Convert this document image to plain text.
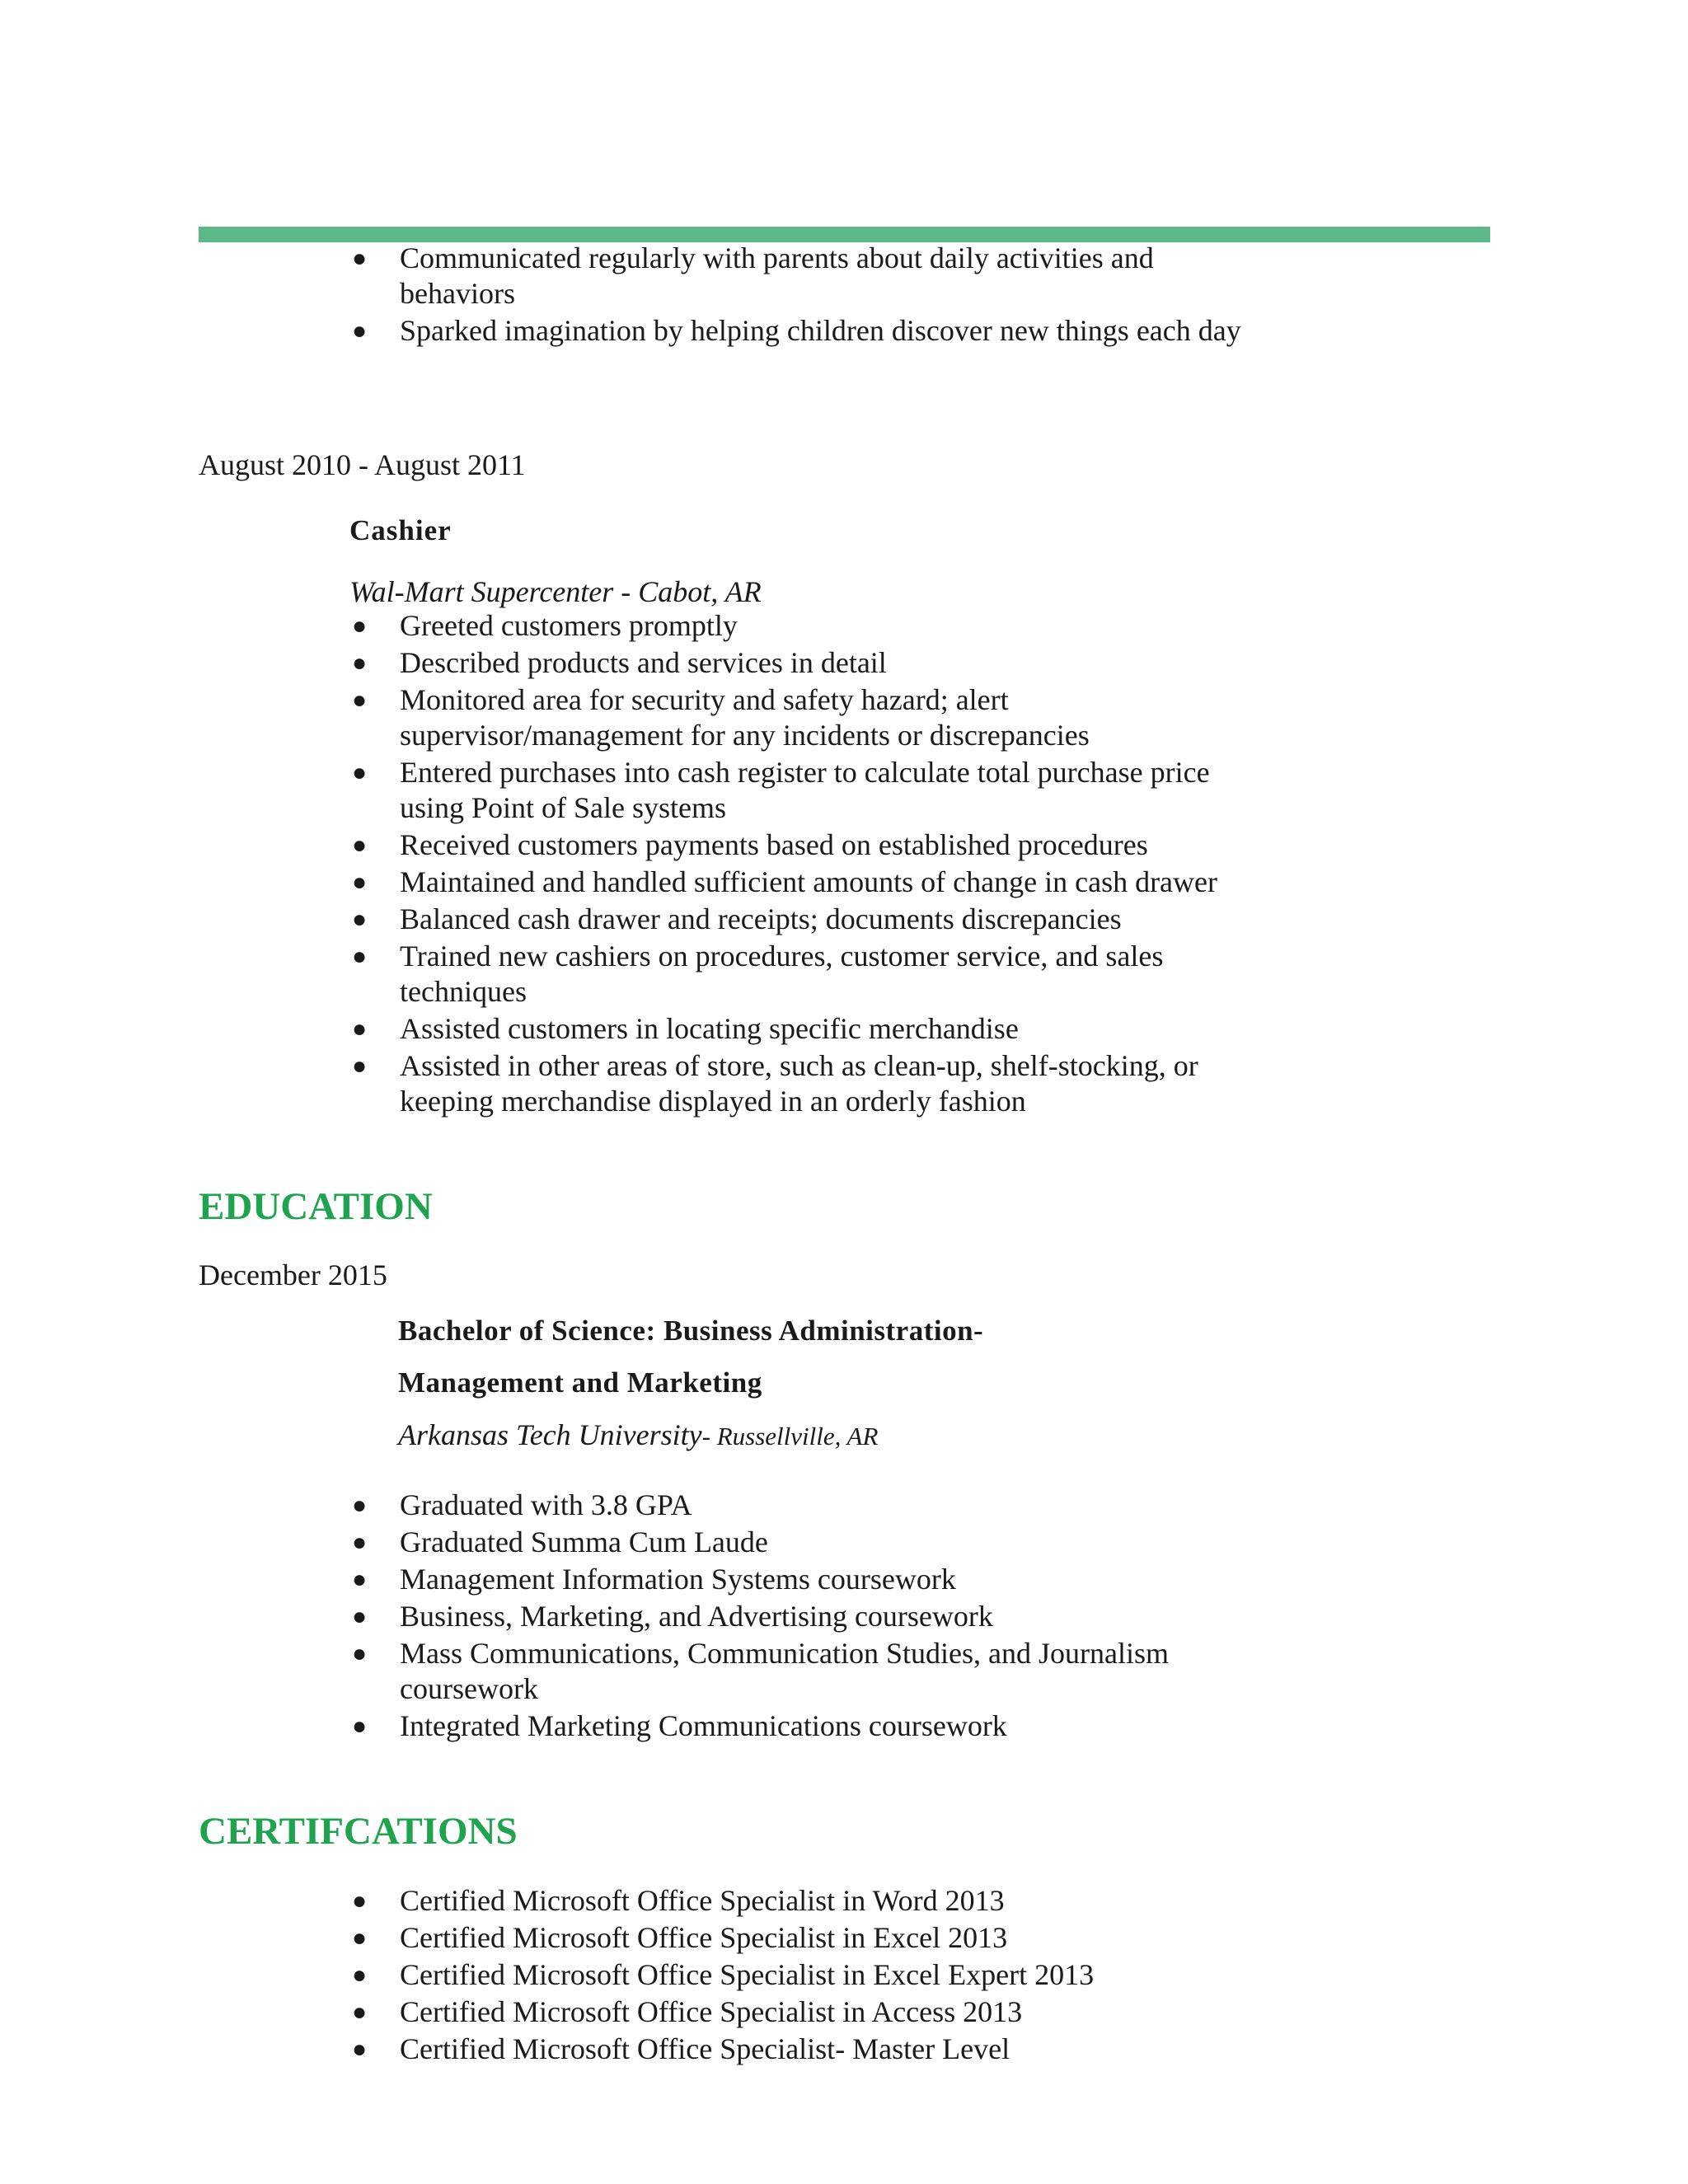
● Communicated regularly with parents about daily activities and behaviors
● Sparked imagination by helping children discover new things each day
August 2010 - August 2011
Cashier
Wal-Mart Supercenter - Cabot, AR
● Greeted customers promptly
● Described products and services in detail
● Monitored area for security and safety hazard; alert supervisor/management for any incidents or discrepancies
● Entered purchases into cash register to calculate total purchase price using Point of Sale systems
● Received customers payments based on established procedures
● Maintained and handled sufficient amounts of change in cash drawer
● Balanced cash drawer and receipts; documents discrepancies
● Trained new cashiers on procedures, customer service, and sales techniques
● Assisted customers in locating specific merchandise
● Assisted in other areas of store, such as clean-up, shelf-stocking, or keeping merchandise displayed in an orderly fashion
EDUCATION
December 2015
Bachelor of Science: Business Administration-
Management and Marketing
Arkansas Tech University- Russellville, AR
● Graduated with 3.8 GPA
● Graduated Summa Cum Laude
● Management Information Systems coursework
● Business, Marketing, and Advertising coursework
● Mass Communications, Communication Studies, and Journalism coursework
● Integrated Marketing Communications coursework
CERTIFCATIONS
● Certified Microsoft Office Specialist in Word 2013
● Certified Microsoft Office Specialist in Excel 2013
● Certified Microsoft Office Specialist in Excel Expert 2013
● Certified Microsoft Office Specialist in Access 2013
● Certified Microsoft Office Specialist- Master Level
